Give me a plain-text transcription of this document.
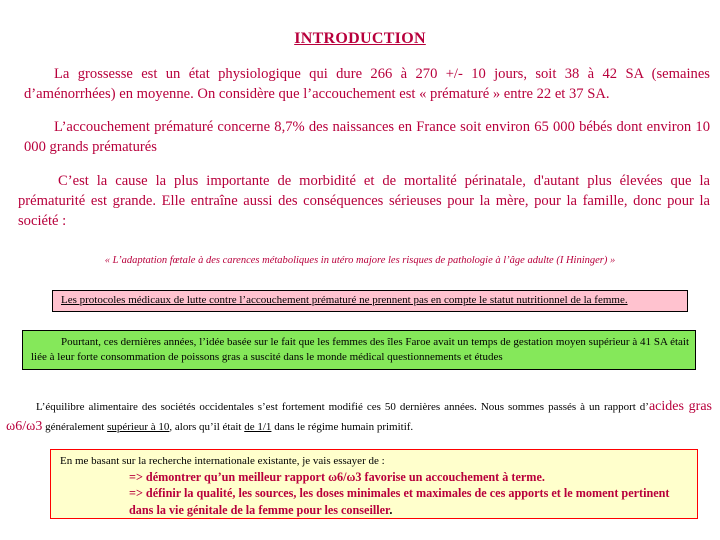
INTRODUCTION

La grossesse est un état physiologique qui dure 266 à 270 +/- 10 jours, soit 38 à 42 SA (semaines d’aménorrhées) en moyenne. On considère que l’accouchement est « prématuré » entre 22 et 37 SA.

L’accouchement prématuré concerne 8,7% des naissances en France soit environ 65 000 bébés dont environ 10 000 grands prématurés

C’est la cause la plus importante de morbidité et de mortalité périnatale, d'autant plus élevées que la prématurité est grande. Elle entraîne aussi des conséquences sérieuses pour la mère, pour la famille, donc pour la société :

« L’adaptation fœtale à des carences métaboliques in utéro majore les risques de pathologie à l’âge adulte (I Hininger) »
Les protocoles médicaux de lutte contre l’accouchement prématuré ne prennent pas en compte le statut nutritionnel de la femme.

Pourtant, ces dernières années, l’idée basée sur le fait que les femmes des îles Faroe avait un temps de gestation moyen supérieur à 41 SA était liée à leur forte consommation de poissons gras a suscité dans le monde médical questionnements et études

L’équilibre alimentaire des sociétés occidentales s’est fortement modifié ces 50 dernières années. Nous sommes passés à un rapport d’acides gras ω6/ω3 généralement supérieur à 10, alors qu’il était de 1/1 dans le régime humain primitif.

En me basant sur la recherche internationale existante, je vais essayer de :

=> démontrer qu’un meilleur rapport ω6/ω3 favorise un accouchement à terme.

=> définir la qualité, les sources, les doses minimales et maximales de ces apports et le moment pertinent dans la vie génitale de la femme pour les conseiller.
